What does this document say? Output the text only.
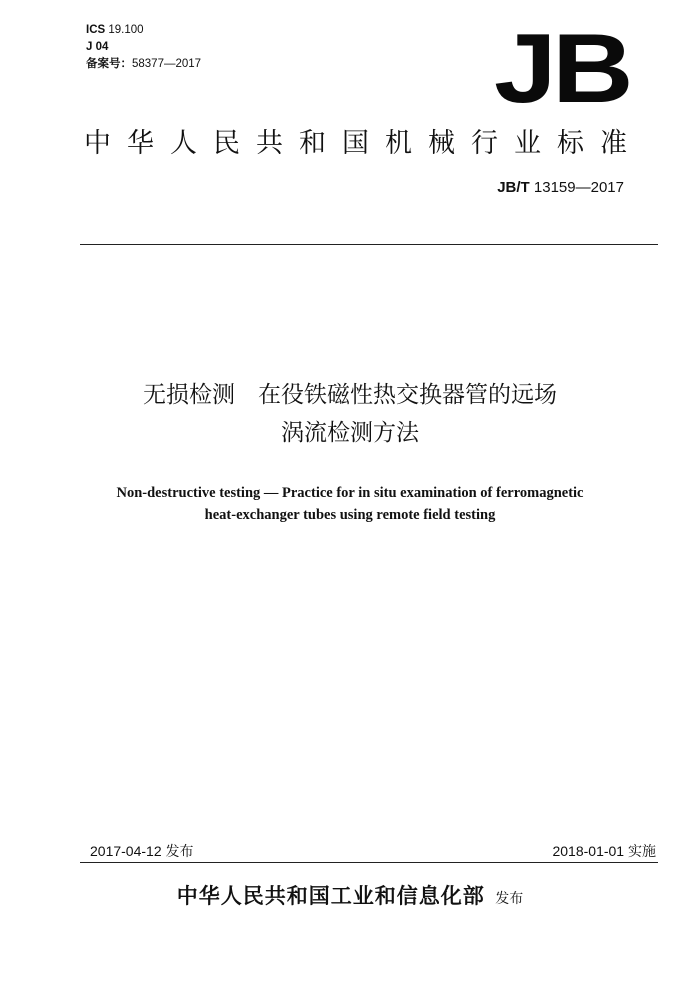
ICS 19.100
J 04
备案号：58377—2017	JB
中华人民共和国机械行业标准
JB/T 13159—2017
无损检测　在役铁磁性热交换器管的远场
涡流检测方法
Non-destructive testing — Practice for in situ examination of ferromagnetic
heat-exchanger tubes using remote field testing
2017-04-12 发布	2018-01-01 实施
中华人民共和国工业和信息化部 发布
